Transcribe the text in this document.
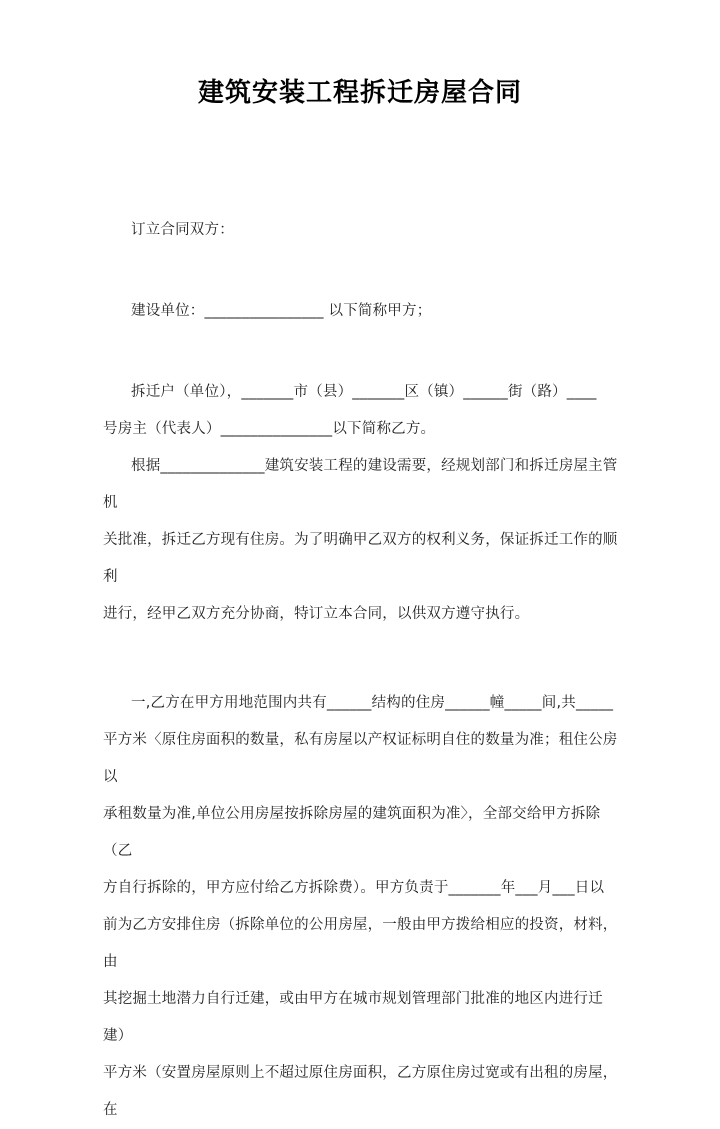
建筑安装工程拆迁房屋合同
订立合同双方：
建设单位：________________ 以下简称甲方；
拆迁户（单位），_______市（县）_______区（镇）______街（路）____
号房主（代表人）_______________以下简称乙方。
根据______________建筑安装工程的建设需要，经规划部门和拆迁房屋主管机
关批准，拆迁乙方现有住房。为了明确甲乙双方的权利义务，保证拆迁工作的顺利
进行，经甲乙双方充分协商，特订立本合同，以供双方遵守执行。
一,乙方在甲方用地范围内共有______结构的住房______幢_____间,共_____
平方米〈原住房面积的数量，私有房屋以产权证标明自住的数量为准；租住公房以
承租数量为准,单位公用房屋按拆除房屋的建筑面积为准〉，全部交给甲方拆除（乙
方自行拆除的，甲方应付给乙方拆除费）。甲方负责于_______年___月___日以
前为乙方安排住房（拆除单位的公用房屋，一般由甲方拨给相应的投资，材料，由
其挖掘土地潜力自行迁建，或由甲方在城市规划管理部门批准的地区内进行迁建）
平方米（安置房屋原则上不超过原住房面积，乙方原住房过宽或有出租的房屋，在
